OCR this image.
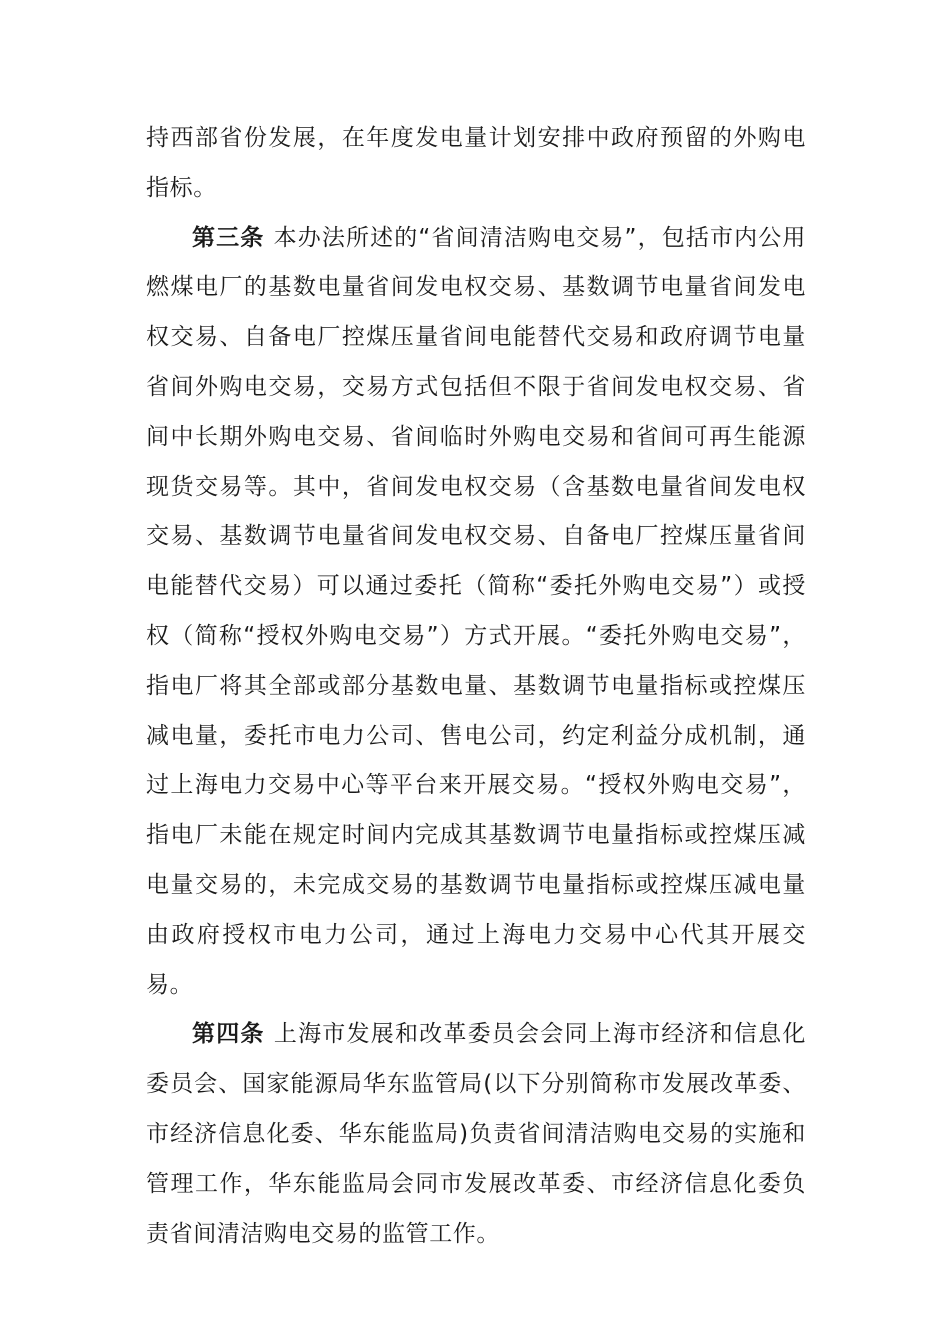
持西部省份发展，在年度发电量计划安排中政府预留的外购电指标。

第三条 本办法所述的“省间清洁购电交易”，包括市内公用燃煤电厂的基数电量省间发电权交易、基数调节电量省间发电权交易、自备电厂控煤压量省间电能替代交易和政府调节电量省间外购电交易，交易方式包括但不限于省间发电权交易、省间中长期外购电交易、省间临时外购电交易和省间可再生能源现货交易等。其中，省间发电权交易（含基数电量省间发电权交易、基数调节电量省间发电权交易、自备电厂控煤压量省间电能替代交易）可以通过委托（简称“委托外购电交易”）或授权（简称“授权外购电交易”）方式开展。“委托外购电交易”，指电厂将其全部或部分基数电量、基数调节电量指标或控煤压减电量，委托市电力公司、售电公司，约定利益分成机制，通过上海电力交易中心等平台来开展交易。“授权外购电交易”，指电厂未能在规定时间内完成其基数调节电量指标或控煤压减电量交易的，未完成交易的基数调节电量指标或控煤压减电量由政府授权市电力公司，通过上海电力交易中心代其开展交易。

第四条 上海市发展和改革委员会会同上海市经济和信息化委员会、国家能源局华东监管局(以下分别简称市发展改革委、市经济信息化委、华东能监局)负责省间清洁购电交易的实施和管理工作，华东能监局会同市发展改革委、市经济信息化委负责省间清洁购电交易的监管工作。
